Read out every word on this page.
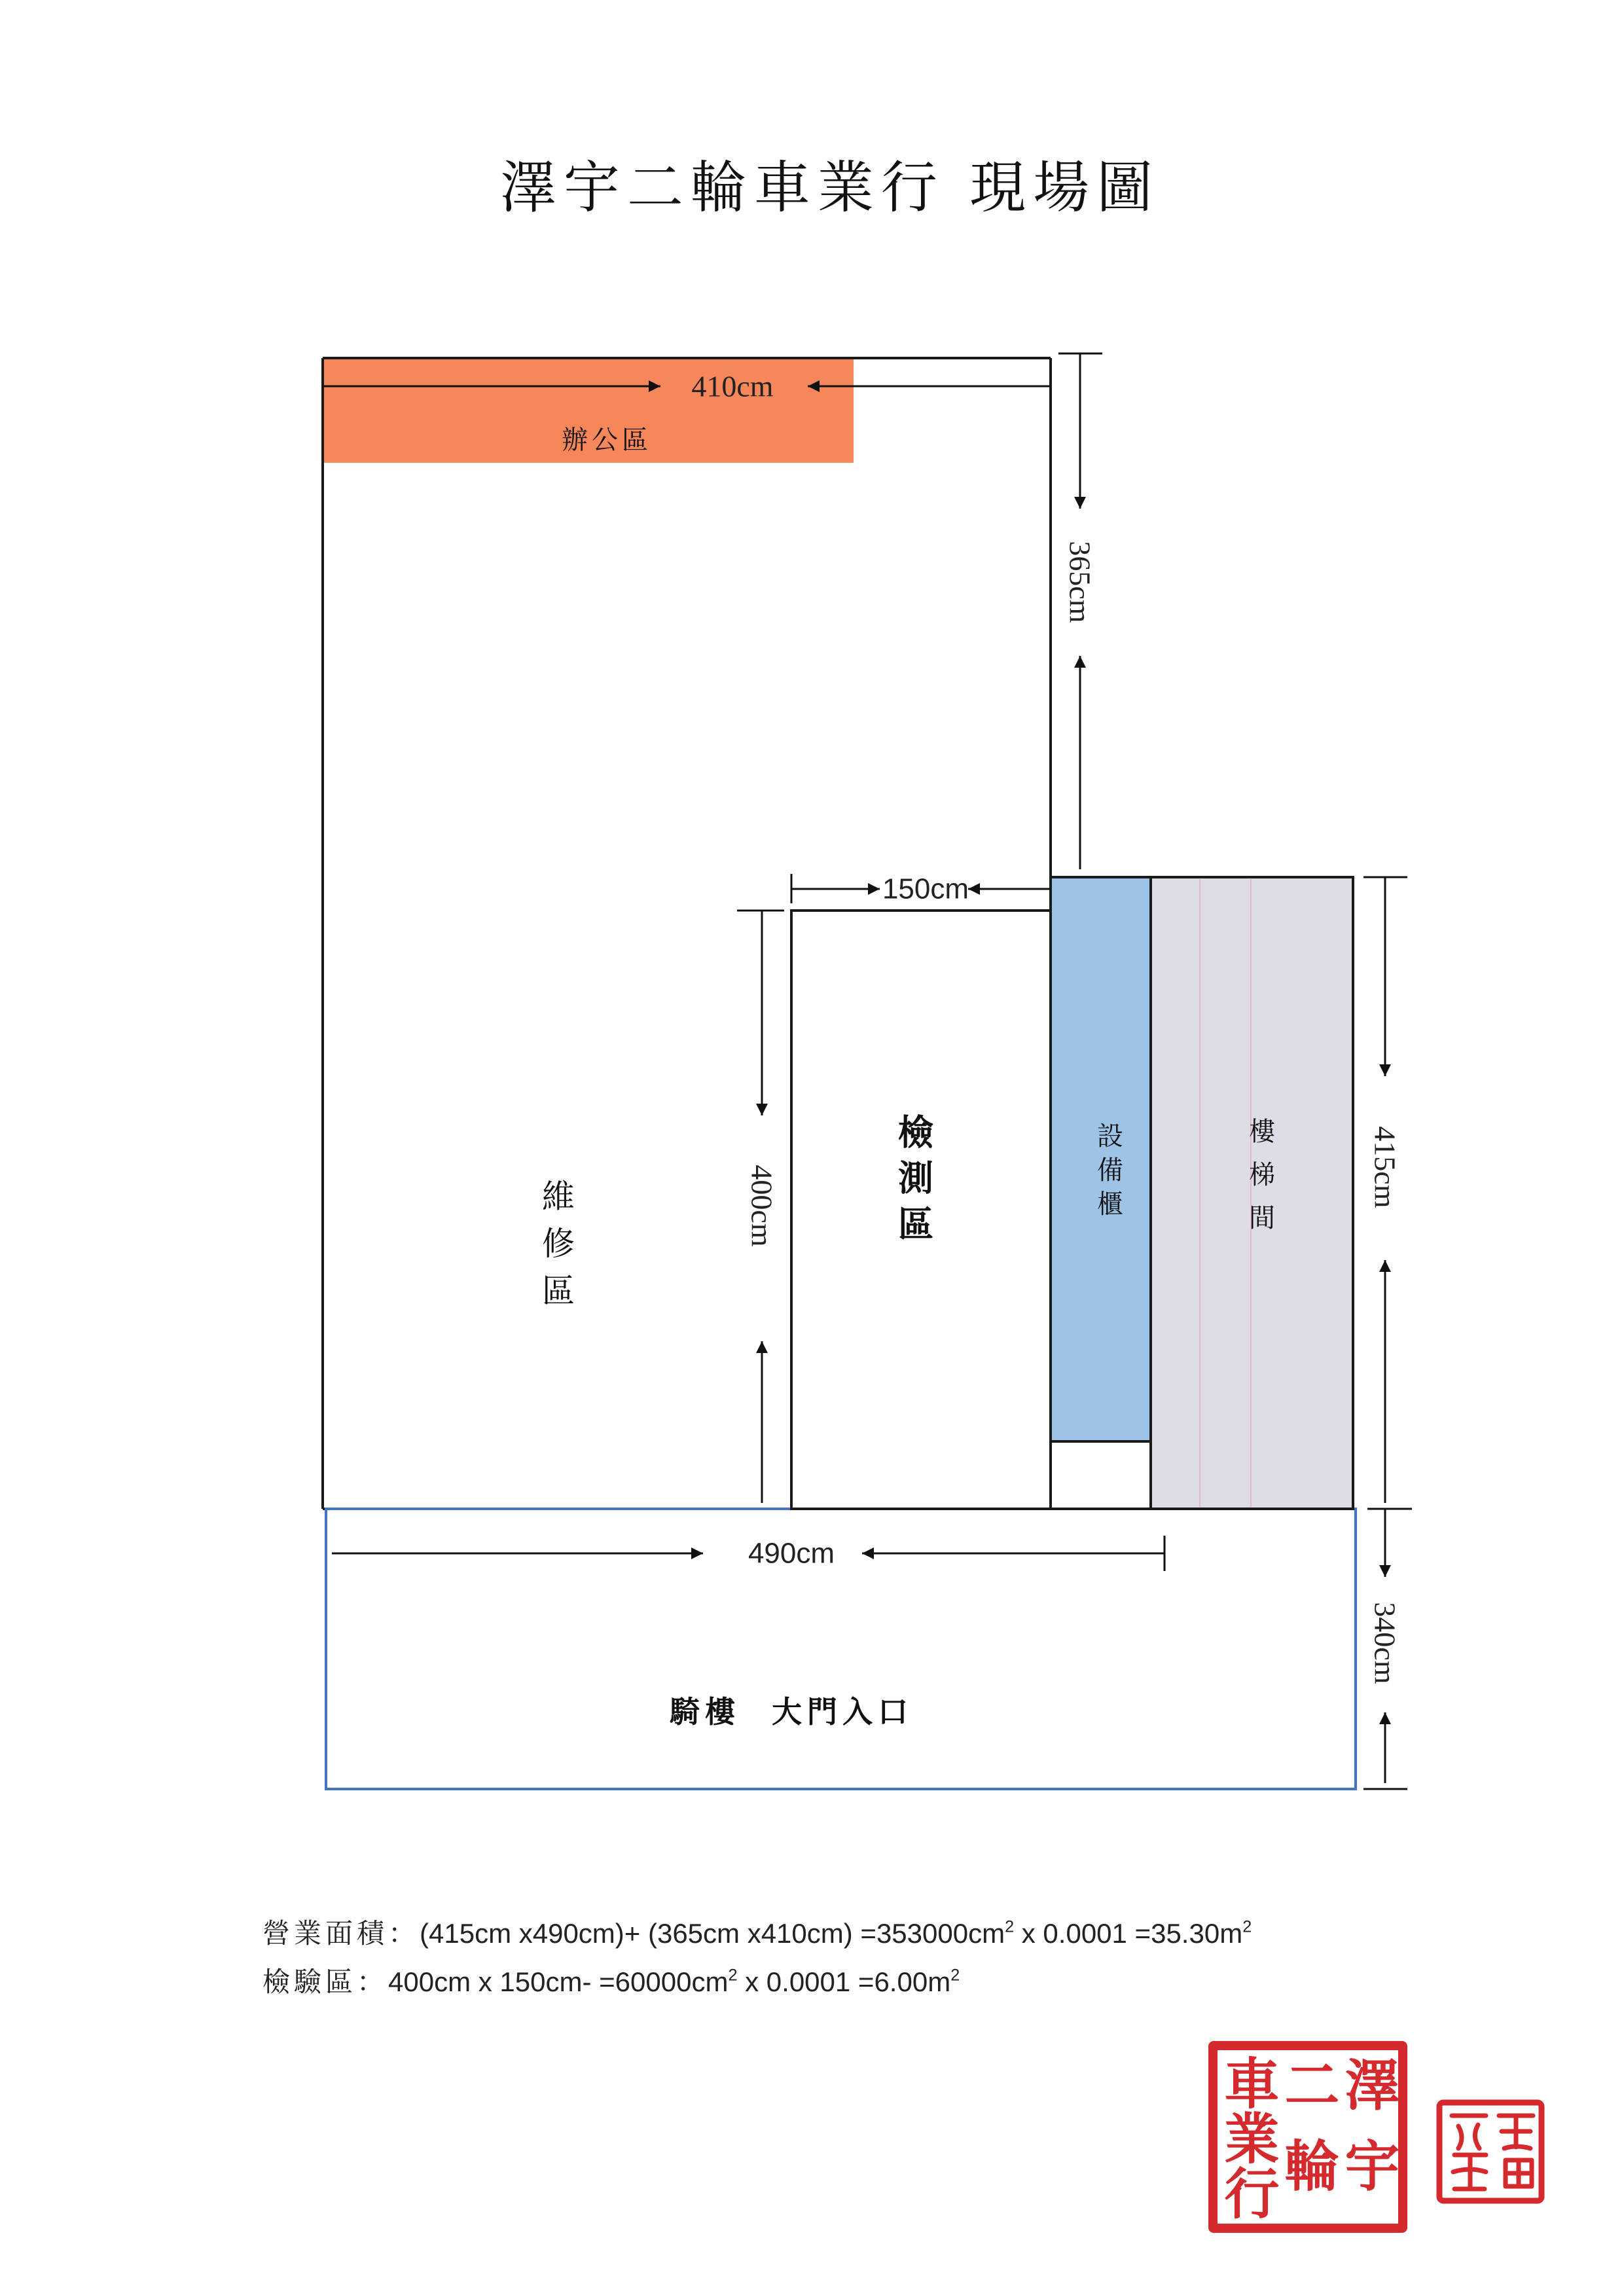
410cm
365cm
150cm
400cm	415cm
340cm
490cm
澤宇二輪車業行 現場圖
辦公區
維修區	檢測區	設備櫃	樓梯間
騎樓 大門入口
營業面積：(415cm x490cm)+ (365cm $x410cm) =353000cm^2$ x $0.0001 =35.30m^2$
檢驗區：400cm x $150cm- =60000cm^2$ x $0.0001 =6.00m^2$
澤宇
二輪
車業行
